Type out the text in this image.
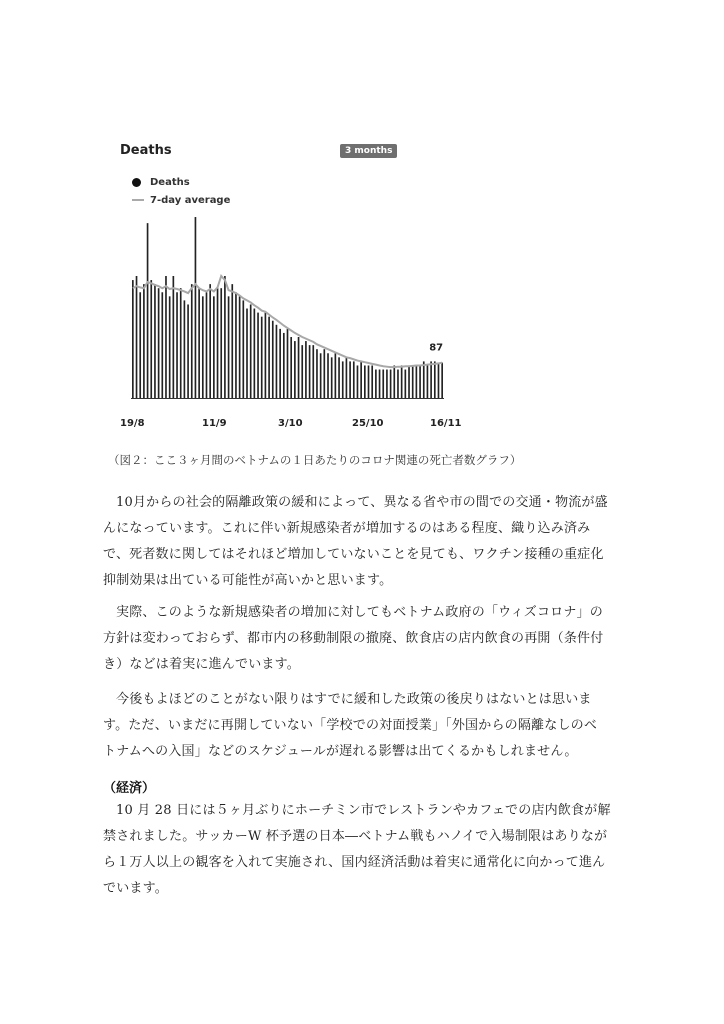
19/8	11/9	3/10	25/10	16/11
87
Deaths	3 months
Deaths
7-day average
（図２：ここ３ヶ月間のベトナムの１日あたりのコロナ関連の死亡者数グラフ）
10月からの社会的隔離政策の緩和によって、異なる省や市の間での交通・物流が盛
んになっています。これに伴い新規感染者が増加するのはある程度、織り込み済み
で、死者数に関してはそれほど増加していないことを見ても、ワクチン接種の重症化
抑制効果は出ている可能性が高いかと思います。
実際、このような新規感染者の増加に対してもベトナム政府の「ウィズコロナ」の
方針は変わっておらず、都市内の移動制限の撤廃、飲食店の店内飲食の再開（条件付
き）などは着実に進んでいます。
今後もよほどのことがない限りはすでに緩和した政策の後戻りはないとは思いま
す。ただ、いまだに再開していない「学校での対面授業」「外国からの隔離なしのベ
トナムへの入国」などのスケジュールが遅れる影響は出てくるかもしれません。
（経済）
10 月 28 日には５ヶ月ぶりにホーチミン市でレストランやカフェでの店内飲食が解
禁されました。サッカーW 杯予選の日本―ベトナム戦もハノイで入場制限はありなが
ら１万人以上の観客を入れて実施され、国内経済活動は着実に通常化に向かって進ん
でいます。
